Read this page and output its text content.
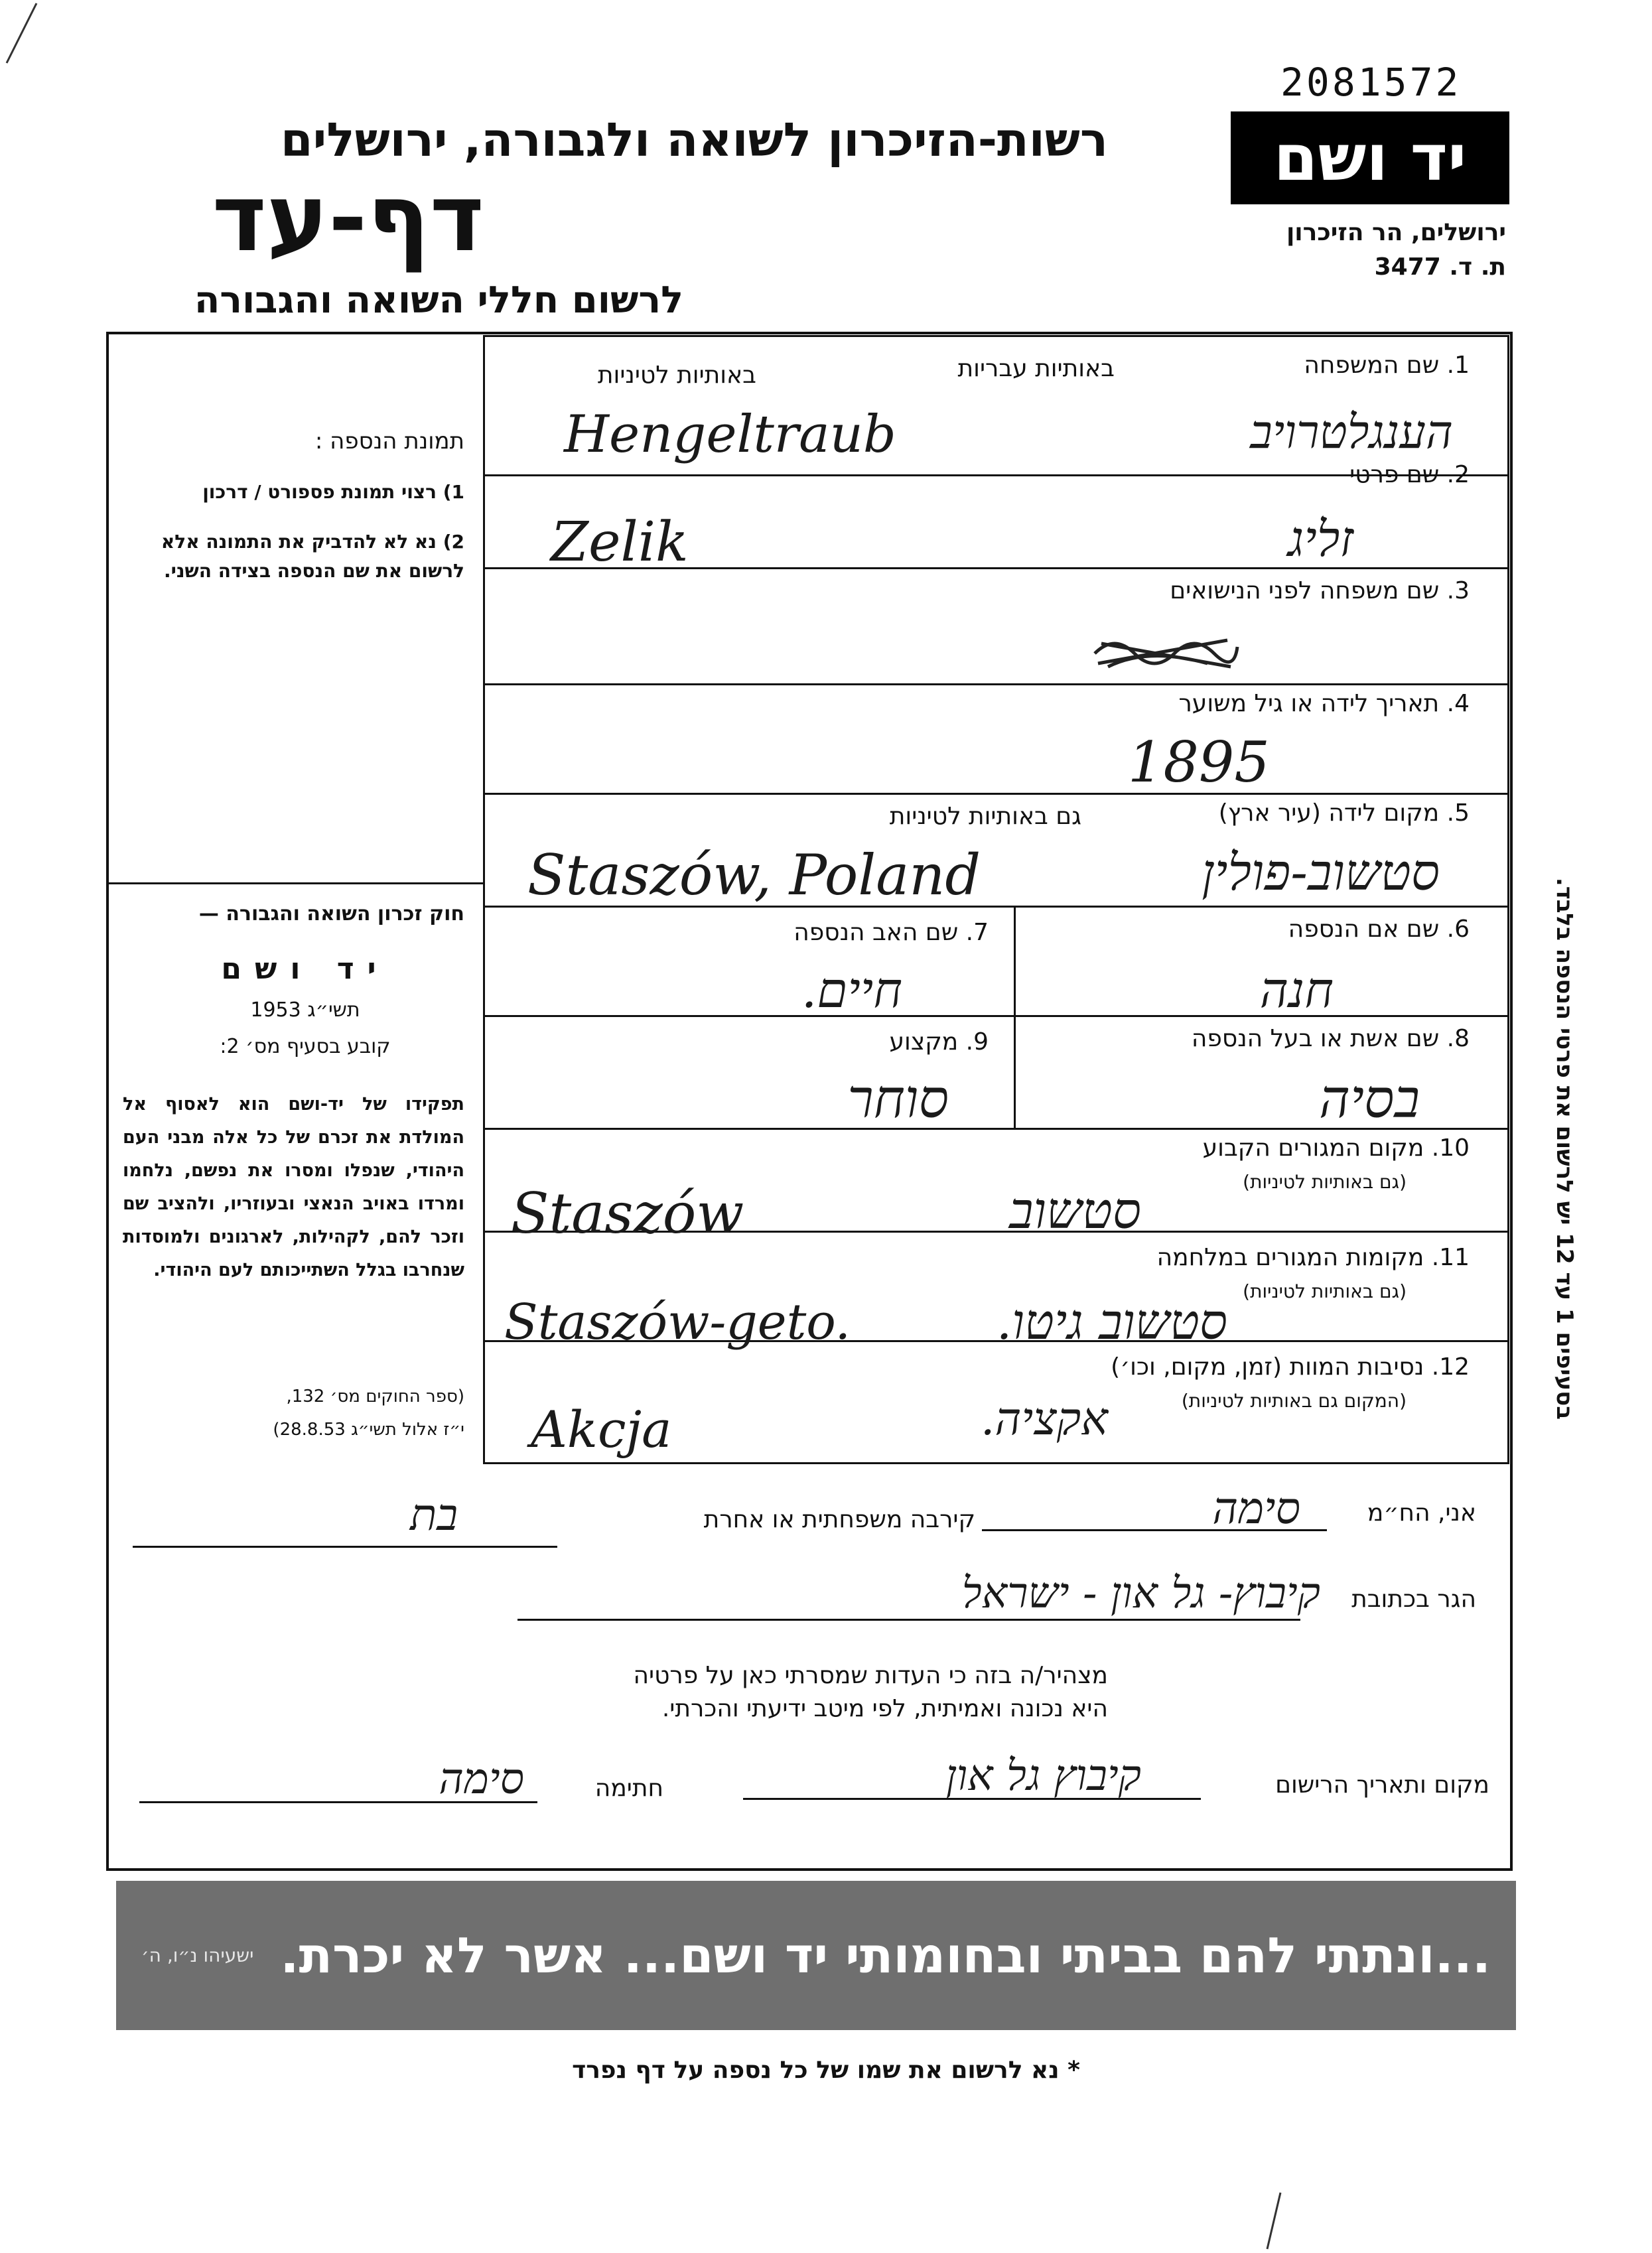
2081572
יד ושם
ירושלים, הר הזיכרון
ת. ד. 3477
רשות-הזיכרון לשואה ולגבורה, ירושלים
דף-עד
לרשום חללי השואה והגבורה
תמונת הנספה :
1) רצוי תמונת פספורט / דרכון
2) נא לא להדביק את התמונה אלא לרשום את שם הנספה בצידה השני.
חוק זכרון השואה והגבורה —
יד ושם
תשי״ג 1953
קובע בסעיף מס׳ 2:
תפקידו של יד-ושם הוא לאסוף אל המולדת את זכרם של כל אלה מבני העם היהודי, שנפלו ומסרו את נפשם, נלחמו ומרדו באויב הנאצי ובעוזריו, ולהציב שם וזכר להם, לקהילות, לארגונים ולמוסדות שנחרבו בגלל השתייכותם לעם היהודי.
(ספר החוקים מס׳ 132,
י״ז אלול תשי״ג 28.8.53)
בסעיפים 1 עד 12 יש לרשום את פרטי הנספה בלבד.
1. שם המשפחה
באותיות עבריות
באותיות לטיניות
Hengeltraub	הענגלטרויב
2. שם פרטי
Zelik	זליג
3. שם משפחה לפני הנישואים
4. תאריך לידה או גיל משוער
1895
5. מקום לידה (עיר ארץ)
גם באותיות לטיניות
Staszów, Poland	סטשוב-פולין
6. שם אם הנספה
חנה
7. שם האב הנספה
חיים.
8. שם אשת או בעל הנספה
בסיה
9. מקצוע
סוחר
10. מקום המגורים הקבוע
(גם באותיות לטיניות)
Staszów	סטשוב
11. מקומות המגורים במלחמה
(גם באותיות לטיניות)
Staszów-geto.	סטשוב גיטו.
12. נסיבות המוות (זמן, מקום, וכו׳)
(המקום גם באותיות לטיניות)
Akcja	אקציה.
אני, הח״מ
סימה
קירבה משפחתית או אחרת
בת
הגר בכתובת
קיבוץ- גל און - ישראל
מצהיר/ה בזה כי העדות שמסרתי כאן על פרטיה
היא נכונה ואמיתית, לפי מיטב ידיעתי והכרתי.
מקום ותאריך הרישום
קיבוץ גל און
חתימה
סימה
ישעיהו נ״ו, ה׳ ...ונתתי להם בביתי ובחומותי יד ושם... אשר לא יכרת.
* נא לרשום את שמו של כל נספה על דף נפרד
